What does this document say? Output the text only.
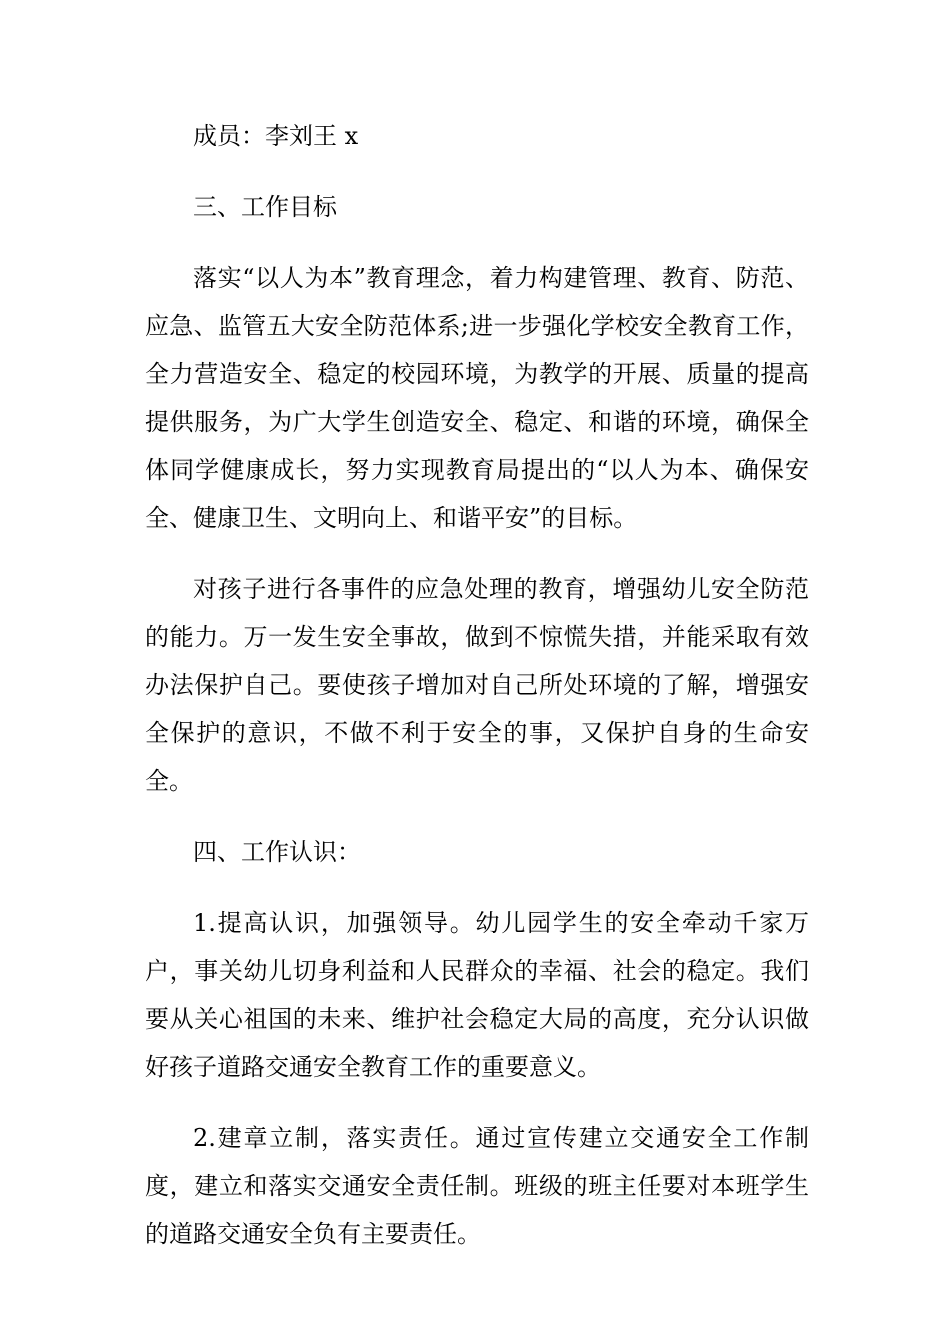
成员：李刘王 x

三、工作目标

落实“以人为本”教育理念，着力构建管理、教育、防范、应急、监管五大安全防范体系;进一步强化学校安全教育工作，全力营造安全、稳定的校园环境，为教学的开展、质量的提高提供服务，为广大学生创造安全、稳定、和谐的环境，确保全体同学健康成长，努力实现教育局提出的“以人为本、确保安全、健康卫生、文明向上、和谐平安”的目标。

对孩子进行各事件的应急处理的教育，增强幼儿安全防范的能力。万一发生安全事故，做到不惊慌失措，并能采取有效办法保护自己。要使孩子增加对自己所处环境的了解，增强安全保护的意识，不做不利于安全的事，又保护自身的生命安全。

四、工作认识：

1.提高认识，加强领导。幼儿园学生的安全牵动千家万户，事关幼儿切身利益和人民群众的幸福、社会的稳定。我们要从关心祖国的未来、维护社会稳定大局的高度，充分认识做好孩子道路交通安全教育工作的重要意义。

2.建章立制，落实责任。通过宣传建立交通安全工作制度，建立和落实交通安全责任制。班级的班主任要对本班学生的道路交通安全负有主要责任。
